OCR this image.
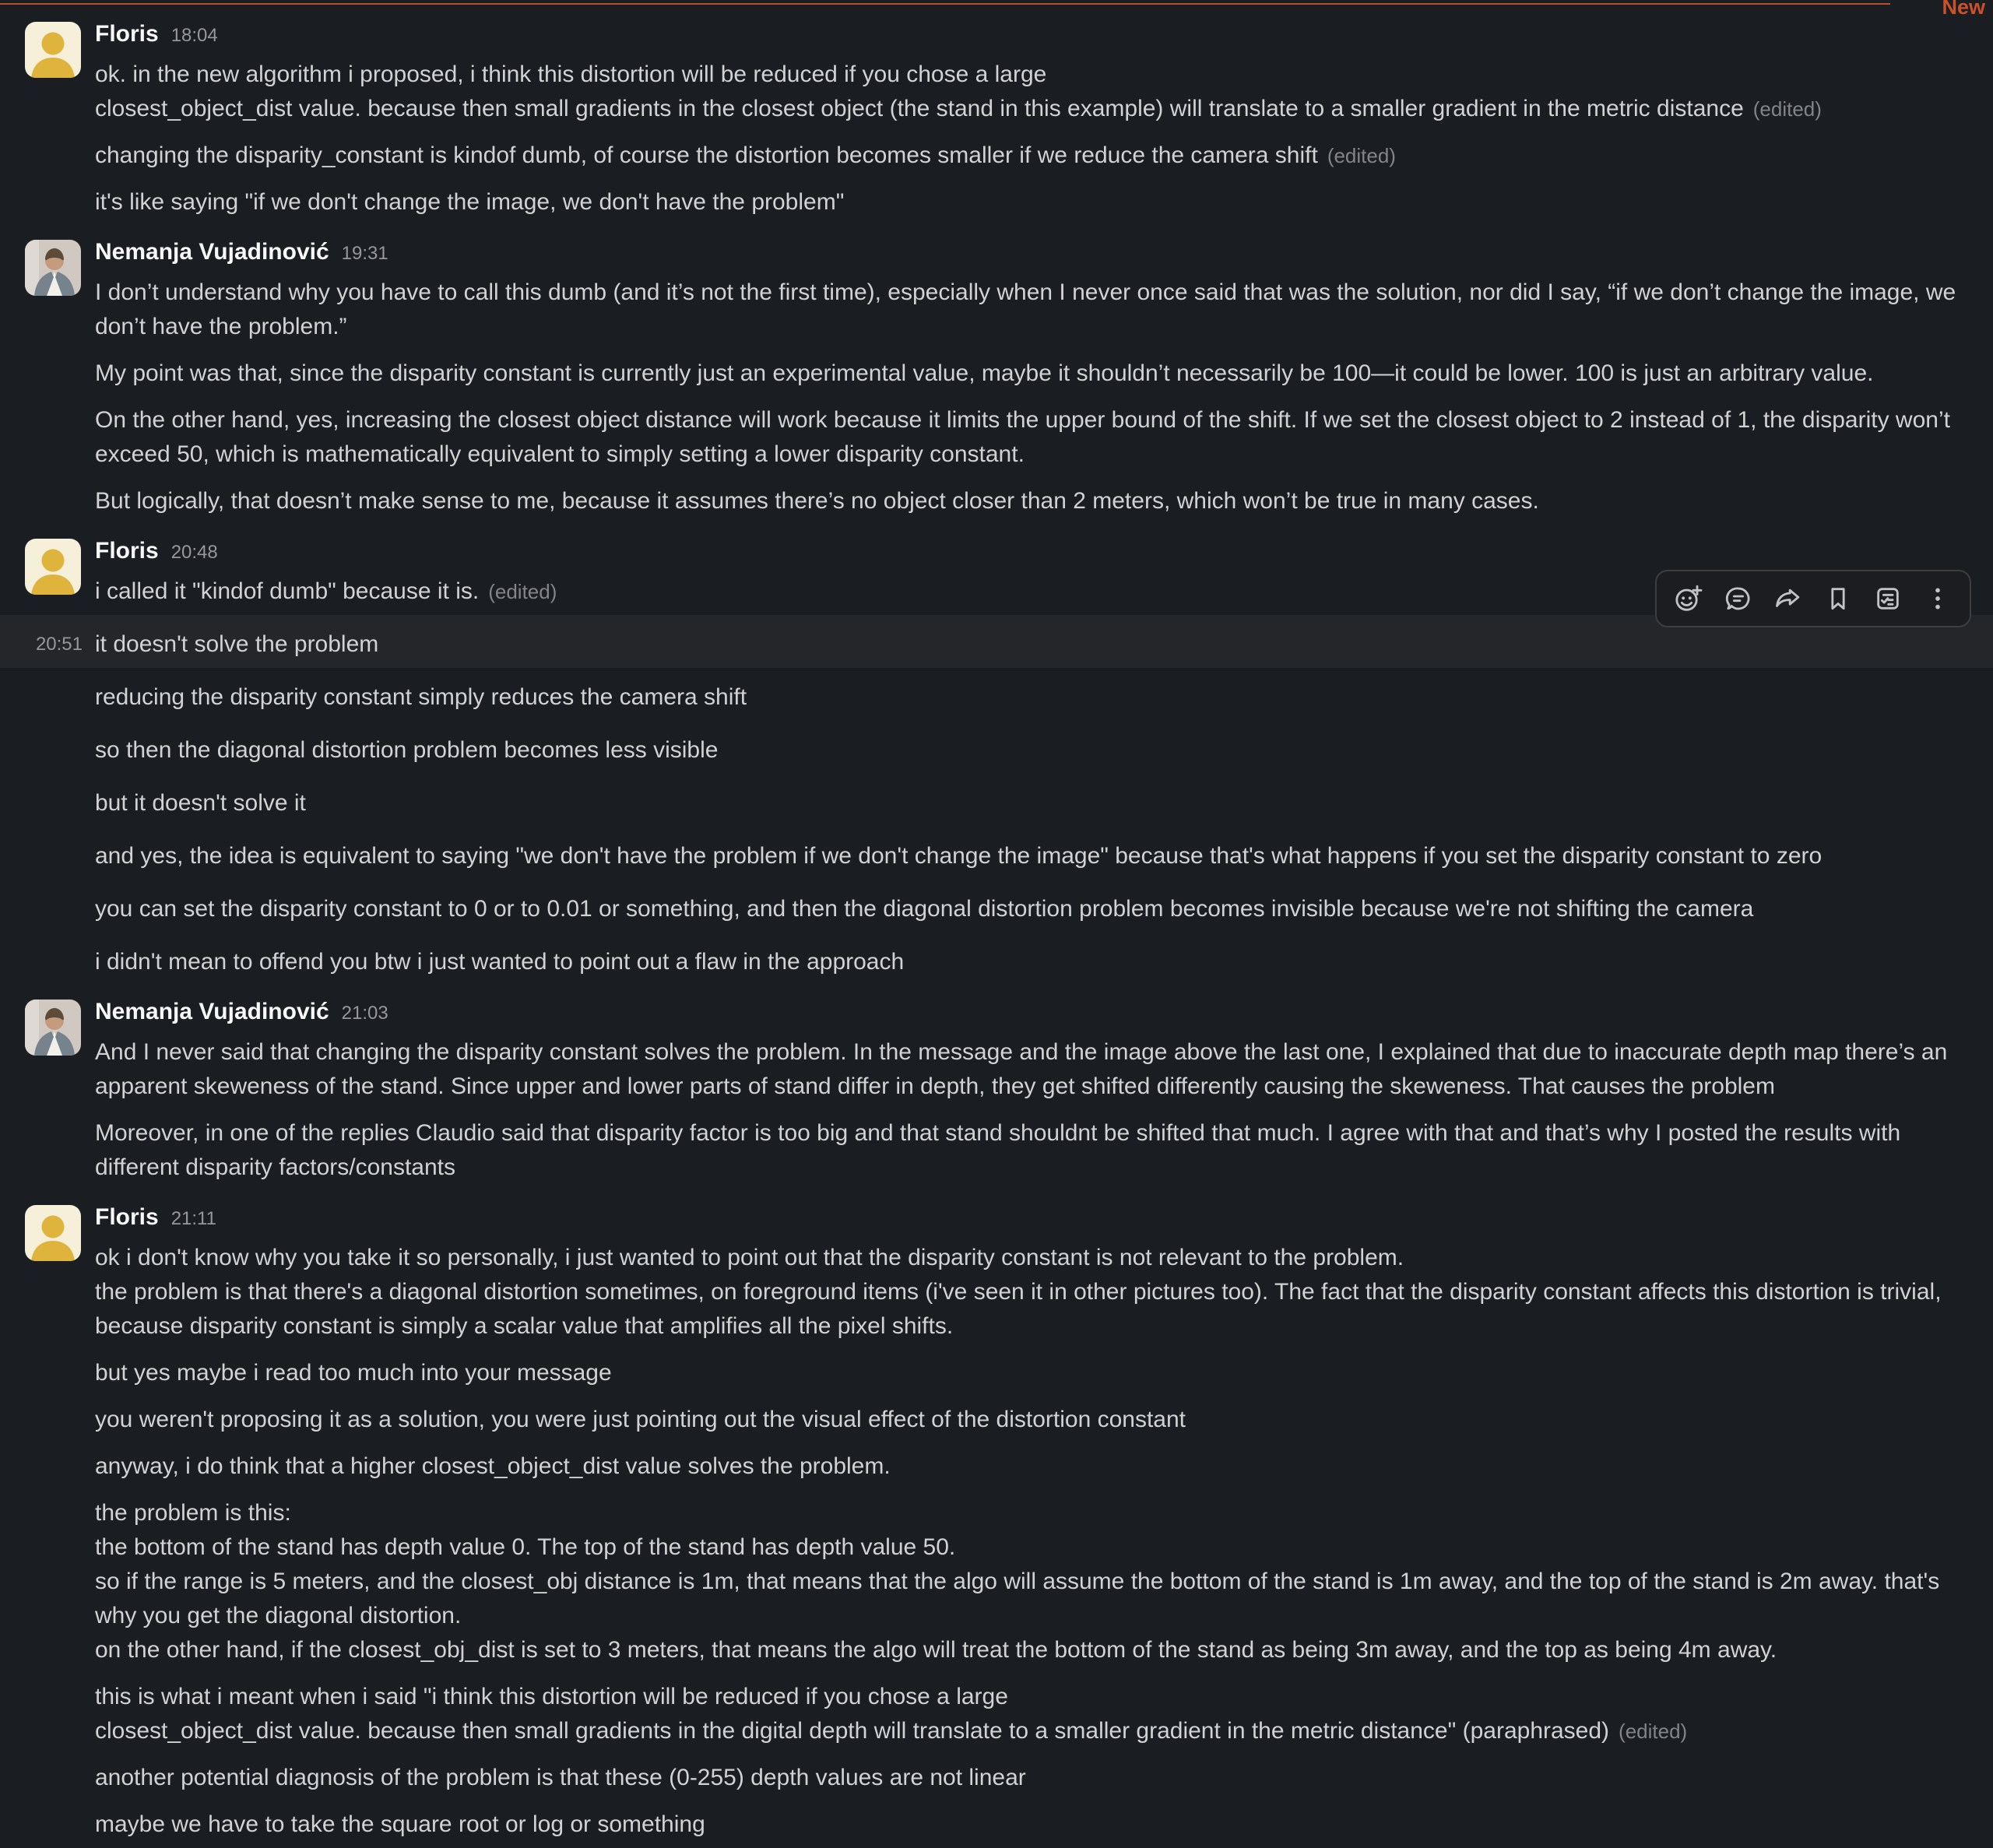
New
Floris 18:04
ok. in the new algorithm i proposed, i think this distortion will be reduced if you chose a large
closest_object_dist value. because then small gradients in the closest object (the stand in this example) will translate to a smaller gradient in the metric distance (edited)
changing the disparity_constant is kindof dumb, of course the distortion becomes smaller if we reduce the camera shift (edited)
it's like saying "if we don't change the image, we don't have the problem"
Nemanja Vujadinović 19:31
I don’t understand why you have to call this dumb (and it’s not the first time), especially when I never once said that was the solution, nor did I say, “if we don’t change the image, we don’t have the problem.”
My point was that, since the disparity constant is currently just an experimental value, maybe it shouldn’t necessarily be 100—it could be lower. 100 is just an arbitrary value.
On the other hand, yes, increasing the closest object distance will work because it limits the upper bound of the shift. If we set the closest object to 2 instead of 1, the disparity won’t exceed 50, which is mathematically equivalent to simply setting a lower disparity constant.
But logically, that doesn’t make sense to me, because it assumes there’s no object closer than 2 meters, which won’t be true in many cases.
Floris 20:48
i called it "kindof dumb" because it is. (edited)
20:51 it doesn't solve the problem
reducing the disparity constant simply reduces the camera shift
so then the diagonal distortion problem becomes less visible
but it doesn't solve it
and yes, the idea is equivalent to saying "we don't have the problem if we don't change the image" because that's what happens if you set the disparity constant to zero
you can set the disparity constant to 0 or to 0.01 or something, and then the diagonal distortion problem becomes invisible because we're not shifting the camera
i didn't mean to offend you btw i just wanted to point out a flaw in the approach
Nemanja Vujadinović 21:03
And I never said that changing the disparity constant solves the problem. In the message and the image above the last one, I explained that due to inaccurate depth map there’s an apparent skeweness of the stand. Since upper and lower parts of stand differ in depth, they get shifted differently causing the skeweness. That causes the problem
Moreover, in one of the replies Claudio said that disparity factor is too big and that stand shouldnt be shifted that much. I agree with that and that’s why I posted the results with different disparity factors/constants
Floris 21:11
ok i don't know why you take it so personally, i just wanted to point out that the disparity constant is not relevant to the problem.
the problem is that there's a diagonal distortion sometimes, on foreground items (i've seen it in other pictures too). The fact that the disparity constant affects this distortion is trivial, because disparity constant is simply a scalar value that amplifies all the pixel shifts.
but yes maybe i read too much into your message
you weren't proposing it as a solution, you were just pointing out the visual effect of the distortion constant
anyway, i do think that a higher closest_object_dist value solves the problem.
the problem is this:
the bottom of the stand has depth value 0. The top of the stand has depth value 50.
so if the range is 5 meters, and the closest_obj distance is 1m, that means that the algo will assume the bottom of the stand is 1m away, and the top of the stand is 2m away. that's why you get the diagonal distortion.
on the other hand, if the closest_obj_dist is set to 3 meters, that means the algo will treat the bottom of the stand as being 3m away, and the top as being 4m away.
this is what i meant when i said "i think this distortion will be reduced if you chose a large
closest_object_dist value. because then small gradients in the digital depth will translate to a smaller gradient in the metric distance" (paraphrased) (edited)
another potential diagnosis of the problem is that these (0-255) depth values are not linear
maybe we have to take the square root or log or something
